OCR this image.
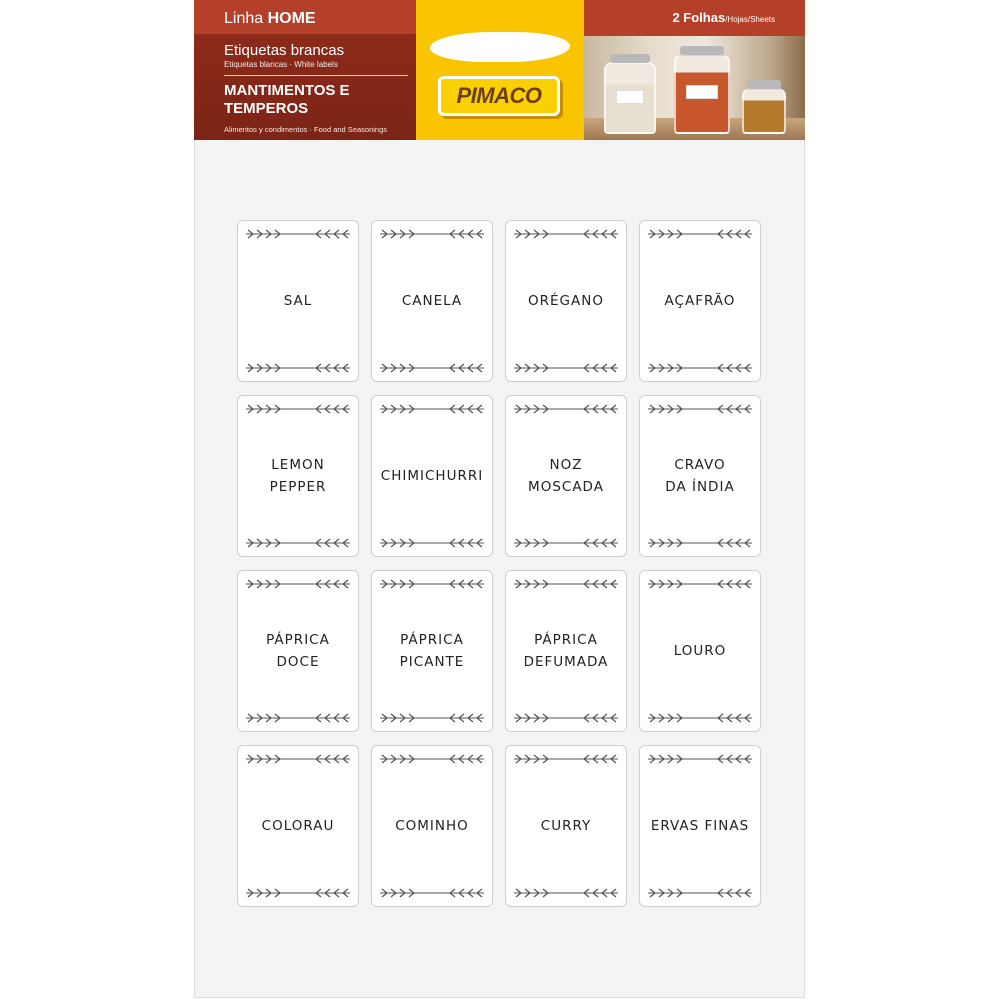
Linha HOME
Etiquetas brancas
Etiquetas blancas · White labels
MANTIMENTOS E TEMPEROS
Alimentos y condimentos · Food and Seasonings
PIMACO
2 Folhas/Hojas/Sheets
SAL	CANELA	ORÉGANO	AÇAFRÃO
LEMON
PEPPER
CHIMICHURRI
NOZ
MOSCADA
CRAVO
DA ÍNDIA
PÁPRICA
DOCE
PÁPRICA
PICANTE
PÁPRICA
DEFUMADA
LOURO
COLORAU	COMINHO	CURRY	ERVAS FINAS
